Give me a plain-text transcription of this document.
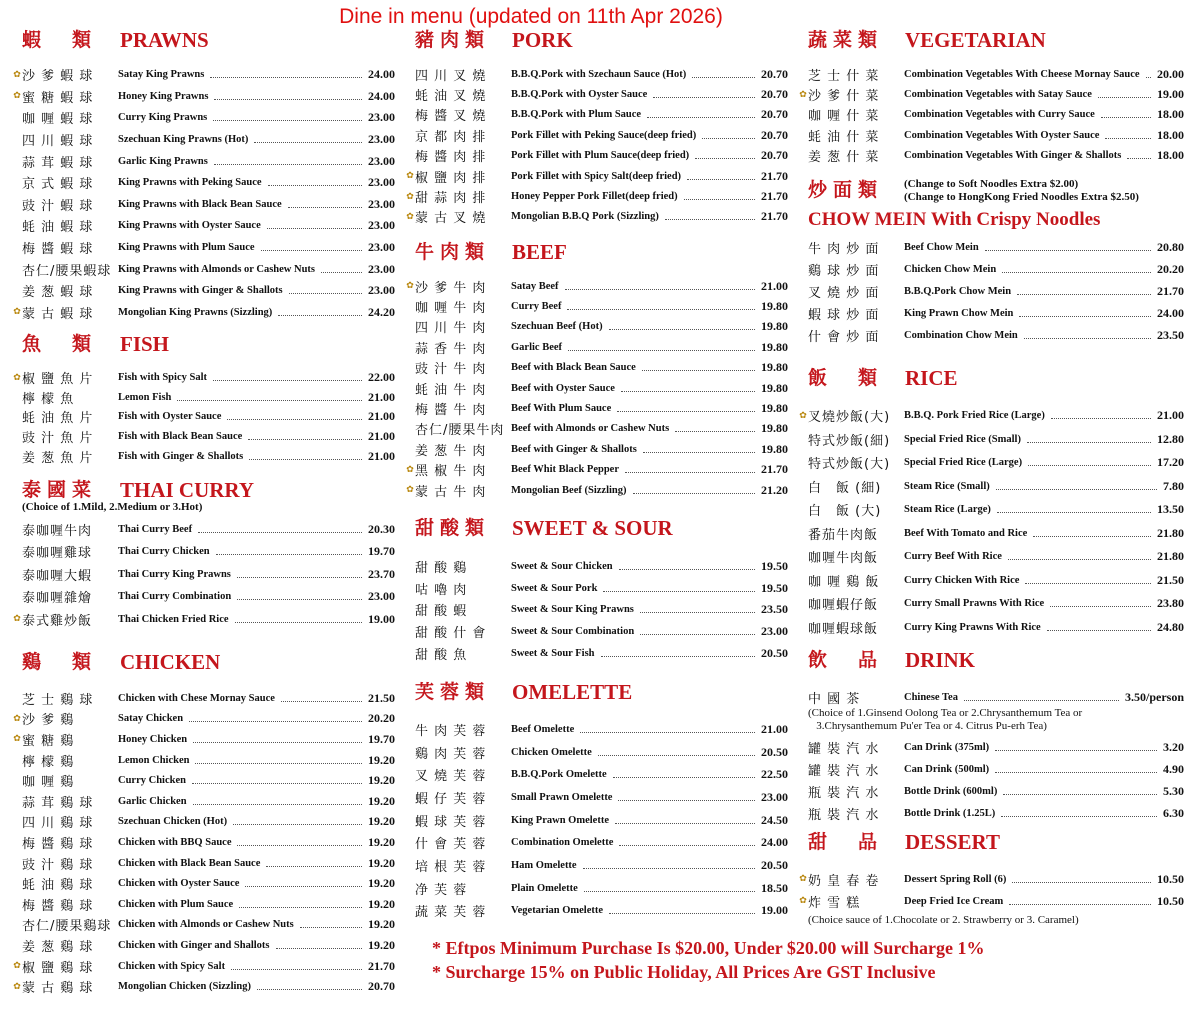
Dine in menu (updated on 11th Apr 2026)
蝦　類 PRAWNS
✿ 沙 爹 蝦 球	Satay King Prawns	24.00
✿ 蜜 糖 蝦 球	Honey King Prawns	24.00
咖 喱 蝦 球	Curry King Prawns	23.00
四 川 蝦 球	Szechuan King Prawns (Hot)	23.00
蒜 茸 蝦 球	Garlic King Prawns	23.00
京 式 蝦 球	King Prawns with Peking Sauce	23.00
豉 汁 蝦 球	King Prawns with Black Bean Sauce	23.00
蚝 油 蝦 球	King Prawns with Oyster Sauce	23.00
梅 醬 蝦 球	King Prawns with Plum Sauce	23.00
杏仁/腰果蝦球 King Prawns with Almonds or Cashew Nuts	23.00
姜 葱 蝦 球	King Prawns with Ginger & Shallots	23.00
✿ 蒙 古 蝦 球	Mongolian King Prawns (Sizzling)	24.20
魚　類 FISH
✿ 椒 鹽 魚 片	Fish with Spicy Salt	22.00
檸 檬 魚	Lemon Fish	21.00
蚝 油 魚 片	Fish with Oyster Sauce	21.00
豉 汁 魚 片	Fish with Black Bean Sauce	21.00
姜 葱 魚 片	Fish with Ginger & Shallots	21.00
泰國菜 THAI CURRY
(Choice of 1.Mild, 2.Medium or 3.Hot)
泰咖喱牛肉	Thai Curry Beef	20.30
泰咖喱雞球	Thai Curry Chicken	19.70
泰咖喱大蝦	Thai Curry King Prawns	23.70
泰咖喱雜燴	Thai Curry Combination	23.00
✿ 泰式雞炒飯	Thai Chicken Fried Rice	19.00
鷄　類 CHICKEN
芝 士 鷄 球	Chicken with Chese Mornay Sauce	21.50
✿ 沙 爹 鷄	Satay Chicken	20.20
✿ 蜜 糖 鷄	Honey Chicken	19.70
檸 檬 鷄	Lemon Chicken	19.20
咖 喱 鷄	Curry Chicken	19.20
蒜 茸 鷄 球	Garlic Chicken	19.20
四 川 鷄 球	Szechuan Chicken (Hot)	19.20
梅 醬 鷄 球	Chicken with BBQ Sauce	19.20
豉 汁 鷄 球	Chicken with Black Bean Sauce	19.20
蚝 油 鷄 球	Chicken with Oyster Sauce	19.20
梅 醬 鷄 球	Chicken with Plum Sauce	19.20
杏仁/腰果鷄球 Chicken with Almonds or Cashew Nuts	19.20
姜 葱 鷄 球	Chicken with Ginger and Shallots	19.20
✿ 椒 鹽 鷄 球	Chicken with Spicy Salt	21.70
✿ 蒙 古 鷄 球	Mongolian Chicken (Sizzling)	20.70
豬肉類 PORK
四 川 叉 燒	B.B.Q.Pork with Szechaun Sauce (Hot)	20.70
蚝 油 叉 燒	B.B.Q.Pork with Oyster Sauce	20.70
梅 醬 叉 燒	B.B.Q.Pork with Plum Sauce	20.70
京 都 肉 排	Pork Fillet with Peking Sauce(deep fried)	20.70
梅 醬 肉 排	Pork Fillet with Plum Sauce(deep fried)	20.70
✿ 椒 鹽 肉 排	Pork Fillet with Spicy Salt(deep fried)	21.70
✿ 甜 蒜 肉 排	Honey Pepper Pork Fillet(deep fried)	21.70
✿ 蒙 古 叉 燒	Mongolian B.B.Q Pork (Sizzling)	21.70
牛肉類 BEEF
✿ 沙 爹 牛 肉	Satay Beef	21.00
咖 喱 牛 肉	Curry Beef	19.80
四 川 牛 肉	Szechuan Beef (Hot)	19.80
蒜 香 牛 肉	Garlic Beef	19.80
豉 汁 牛 肉	Beef with Black Bean Sauce	19.80
蚝 油 牛 肉	Beef with Oyster Sauce	19.80
梅 醬 牛 肉	Beef With Plum Sauce	19.80
杏仁/腰果牛肉 Beef with Almonds or Cashew Nuts	19.80
姜 葱 牛 肉	Beef with Ginger & Shallots	19.80
✿ 黑 椒 牛 肉	Beef Whit Black Pepper	21.70
✿ 蒙 古 牛 肉	Mongolian Beef (Sizzling)	21.20
甜酸類 SWEET & SOUR
甜 酸 鷄	Sweet & Sour Chicken	19.50
咕 嚕 肉	Sweet & Sour Pork	19.50
甜 酸 蝦	Sweet & Sour King Prawns	23.50
甜 酸 什 會	Sweet & Sour Combination	23.00
甜 酸 魚	Sweet & Sour Fish	20.50
芙蓉類 OMELETTE
牛 肉 芙 蓉	Beef Omelette	21.00
鷄 肉 芙 蓉	Chicken Omelette	20.50
叉 燒 芙 蓉	B.B.Q.Pork Omelette	22.50
蝦 仔 芙 蓉	Small Prawn Omelette	23.00
蝦 球 芙 蓉	King Prawn Omelette	24.50
什 會 芙 蓉	Combination Omelette	24.00
培 根 芙 蓉	Ham Omelette	20.50
净 芙 蓉	Plain Omelette	18.50
蔬 菜 芙 蓉	Vegetarian Omelette	19.00
蔬菜類 VEGETARIAN
芝 士 什 菜	Combination Vegetables With Cheese Mornay Sauce 20.00
✿ 沙 爹 什 菜	Combination Vegetables with Satay Sauce	19.00
咖 喱 什 菜	Combination Vegetables with Curry Sauce	18.00
蚝 油 什 菜	Combination Vegetables With Oyster Sauce	18.00
姜 葱 什 菜	Combination Vegetables With Ginger & Shallots	18.00
炒面類 (Change to Soft Noodles Extra $2.00)
(Change to HongKong Fried Noodles Extra $2.50)
CHOW MEIN With Crispy Noodles
牛 肉 炒 面	Beef Chow Mein	20.80
鷄 球 炒 面	Chicken Chow Mein	20.20
叉 燒 炒 面	B.B.Q.Pork Chow Mein	21.70
蝦 球 炒 面	King Prawn Chow Mein	24.00
什 會 炒 面	Combination Chow Mein	23.50
飯　類 RICE
✿ 叉燒炒飯(大)	B.B.Q. Pork Fried Rice (Large)	21.00
特式炒飯(細)	Special Fried Rice (Small)	12.80
特式炒飯(大)	Special Fried Rice (Large)	17.20
白　飯 (細)	Steam Rice (Small)	7.80
白　飯 (大)	Steam Rice (Large)	13.50
番茄牛肉飯	Beef With Tomato and Rice	21.80
咖喱牛肉飯	Curry Beef With Rice	21.80
咖 喱 鷄 飯	Curry Chicken With Rice	21.50
咖喱蝦仔飯	Curry Small Prawns With Rice	23.80
咖喱蝦球飯	Curry King Prawns With Rice	24.80
飲　品 DRINK
中 國 茶	Chinese Tea	3.50/person
(Choice of 1.Ginsend Oolong Tea or 2.Chrysanthemum Tea or
3.Chrysanthemum Pu'er Tea or 4. Citrus Pu-erh Tea)
罐 裝 汽 水	Can Drink (375ml)	3.20
罐 裝 汽 水	Can Drink (500ml)	4.90
瓶 裝 汽 水	Bottle Drink (600ml)	5.30
瓶 裝 汽 水	Bottle Drink (1.25L)	6.30
甜　品 DESSERT
✿ 奶 皇 春 卷	Dessert Spring Roll (6)	10.50
✿ 炸 雪 糕	Deep Fried Ice Cream	10.50
(Choice sauce of 1.Chocolate or 2. Strawberry or 3. Caramel)
* Eftpos Minimum Purchase Is $20.00, Under $20.00 will Surcharge 1%
* Surcharge 15% on Public Holiday, All Prices Are GST Inclusive
